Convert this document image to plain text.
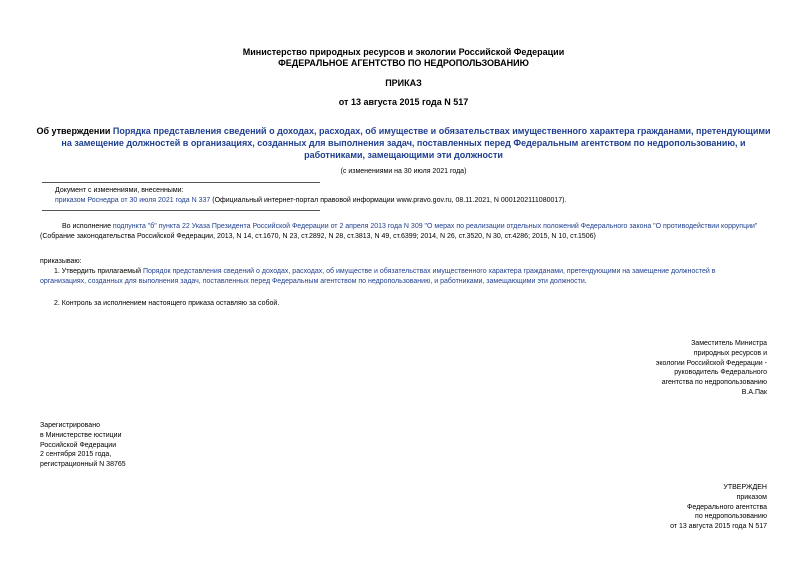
Министерство природных ресурсов и экологии Российской Федерации
ФЕДЕРАЛЬНОЕ АГЕНТСТВО ПО НЕДРОПОЛЬЗОВАНИЮ
ПРИКАЗ
от 13 августа 2015 года N 517
Об утверждении Порядка представления сведений о доходах, расходах, об имуществе и обязательствах имущественного характера гражданами, претендующими
на замещение должностей в организациях, созданных для выполнения задач, поставленных перед Федеральным агентством по недропользованию, и
работниками, замещающими эти должности
(с изменениями на 30 июля 2021 года)
Документ с изменениями, внесенными:
приказом Роснедра от 30 июля 2021 года N 337 (Официальный интернет-портал правовой информации www.pravo.gov.ru, 08.11.2021, N 0001202111080017).
Во исполнение подпункта "б" пункта 22 Указа Президента Российской Федерации от 2 апреля 2013 года N 309 "О мерах по реализации отдельных положений Федерального закона "О противодействии коррупции"
(Собрание законодательства Российской Федерации, 2013, N 14, ст.1670, N 23, ст.2892, N 28, ст.3813, N 49, ст.6399; 2014, N 26, ст.3520, N 30, ст.4286; 2015, N 10, ст.1506)
приказываю:
1. Утвердить прилагаемый Порядок представления сведений о доходах, расходах, об имуществе и обязательствах имущественного характера гражданами, претендующими на замещение должностей в
организациях, созданных для выполнения задач, поставленных перед Федеральным агентством по недропользованию, и работниками, замещающими эти должности.
2. Контроль за исполнением настоящего приказа оставляю за собой.
Заместитель Министра
природных ресурсов и
экологии Российской Федерации -
руководитель Федерального
агентства по недропользованию
В.А.Пак
Зарегистрировано
в Министерстве юстиции
Российской Федерации
2 сентября 2015 года,
регистрационный N 38765
УТВЕРЖДЕН
приказом
Федерального агентства
по недропользованию
от 13 августа 2015 года N 517
